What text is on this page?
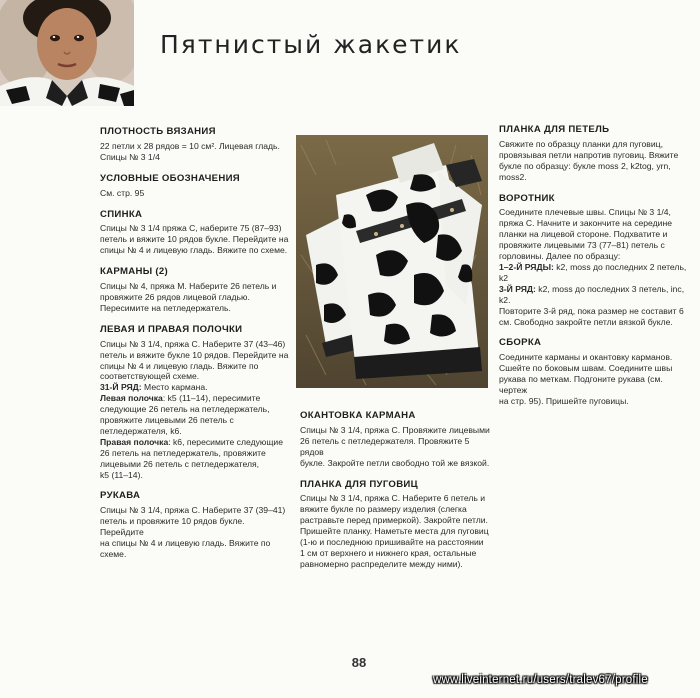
Пятнистый жакетик
ПЛОТНОСТЬ ВЯЗАНИЯ

22 петли x 28 рядов = 10 см². Лицевая гладь.

Спицы № 3 1/4

УСЛОВНЫЕ ОБОЗНАЧЕНИЯ

См. стр. 95

СПИНКА

Спицы № 3 1/4 пряжа С, наберите 75 (87–93)

петель и вяжите 10 рядов букле. Перейдите на

спицы № 4 и лицевую гладь. Вяжите по схеме.

КАРМАНЫ (2)

Спицы № 4, пряжа М. Наберите 26 петель и

провяжите 26 рядов лицевой гладью.

Пересимите на петледержатель.

ЛЕВАЯ И ПРАВАЯ ПОЛОЧКИ

Спицы № 3 1/4, пряжа С. Наберите 37 (43–46)

петель и вяжите букле 10 рядов. Перейдите на

спицы № 4 и лицевую гладь. Вяжите по

соответствующей схеме.

31-Й РЯД: Место кармана.

Левая полочка: k5 (11–14), пересимите

следующие 26 петель на петледержатель,

провяжите лицевыми 26 петель с

петледержателя, k6.

Правая полочка: k6, пересимите следующие

26 петель на петледержатель, провяжите

лицевыми 26 петель с петледержателя,

k5 (11–14).

РУКАВА

Спицы № 3 1/4, пряжа С. Наберите 37 (39–41)

петель и провяжите 10 рядов букле. Перейдите

на спицы № 4 и лицевую гладь. Вяжите по

схеме.

ОКАНТОВКА КАРМАНА

Спицы № 3 1/4, пряжа С. Провяжите лицевыми

26 петель с петледержателя. Провяжите 5 рядов

букле. Закройте петли свободно той же вязкой.

ПЛАНКА ДЛЯ ПУГОВИЦ

Спицы № 3 1/4, пряжа С. Наберите 6 петель и

вяжите букле по размеру изделия (слегка

растравьте перед примеркой). Закройте петли.

Пришейте планку. Наметьте места для пуговиц

(1-ю и последнюю пришивайте на расстоянии

1 см от верхнего и нижнего края, остальные

равномерно распределите между ними).

ПЛАНКА ДЛЯ ПЕТЕЛЬ

Свяжите по образцу планки для пуговиц,

провязывая петли напротив пуговиц. Вяжите

букле по образцу: букле moss 2, k2tog, yrn,

moss2.

ВОРОТНИК

Соедините плечевые швы. Спицы № 3 1/4,

пряжа С. Начните и закончите на середине

планки на лицевой стороне. Подхватите и

провяжите лицевыми 73 (77–81) петель с

горловины. Далее по образцу:

1–2-Й РЯДЫ: k2, moss до последних 2 петель,

k2

3-Й РЯД: k2, moss до последних 3 петель, inc,

k2.

Повторите 3-й ряд, пока размер не составит 6

см. Свободно закройте петли вязкой букле.

СБОРКА

Соедините карманы и окантовку карманов.

Сшейте по боковым швам. Соедините швы

рукава по меткам. Подгоните рукава (см. чертеж

на стр. 95). Пришейте пуговицы.

88
www.liveinternet.ru/users/tralev67/profile
